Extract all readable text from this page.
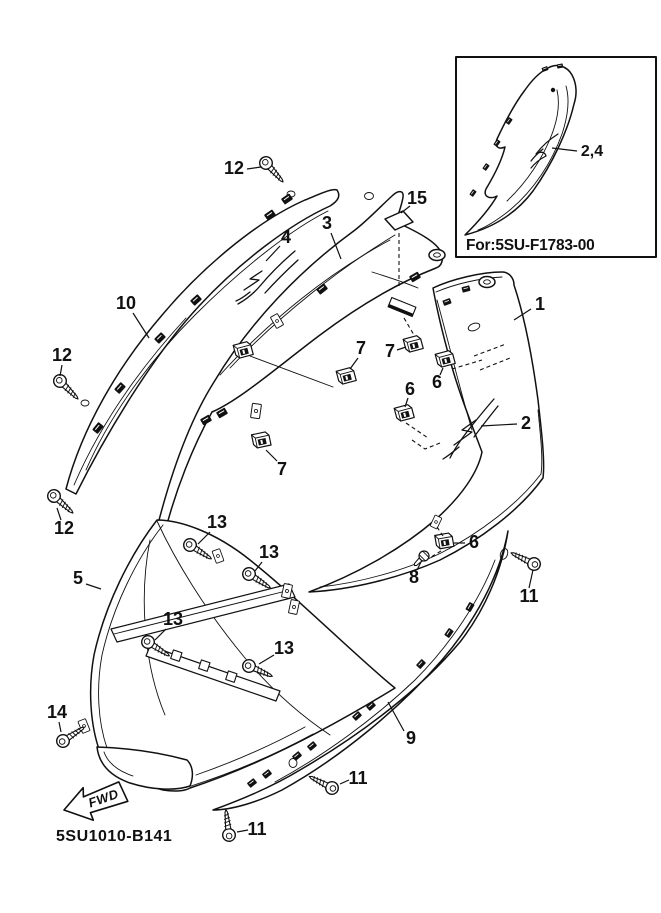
For:5SU-F1783-00
FWD
5SU1010-B141
12
15
3
4
10	1
7 7
12
6
6
2
7
12	13
6
13
8
5
11
13
13
14
9
11
11
2,4
